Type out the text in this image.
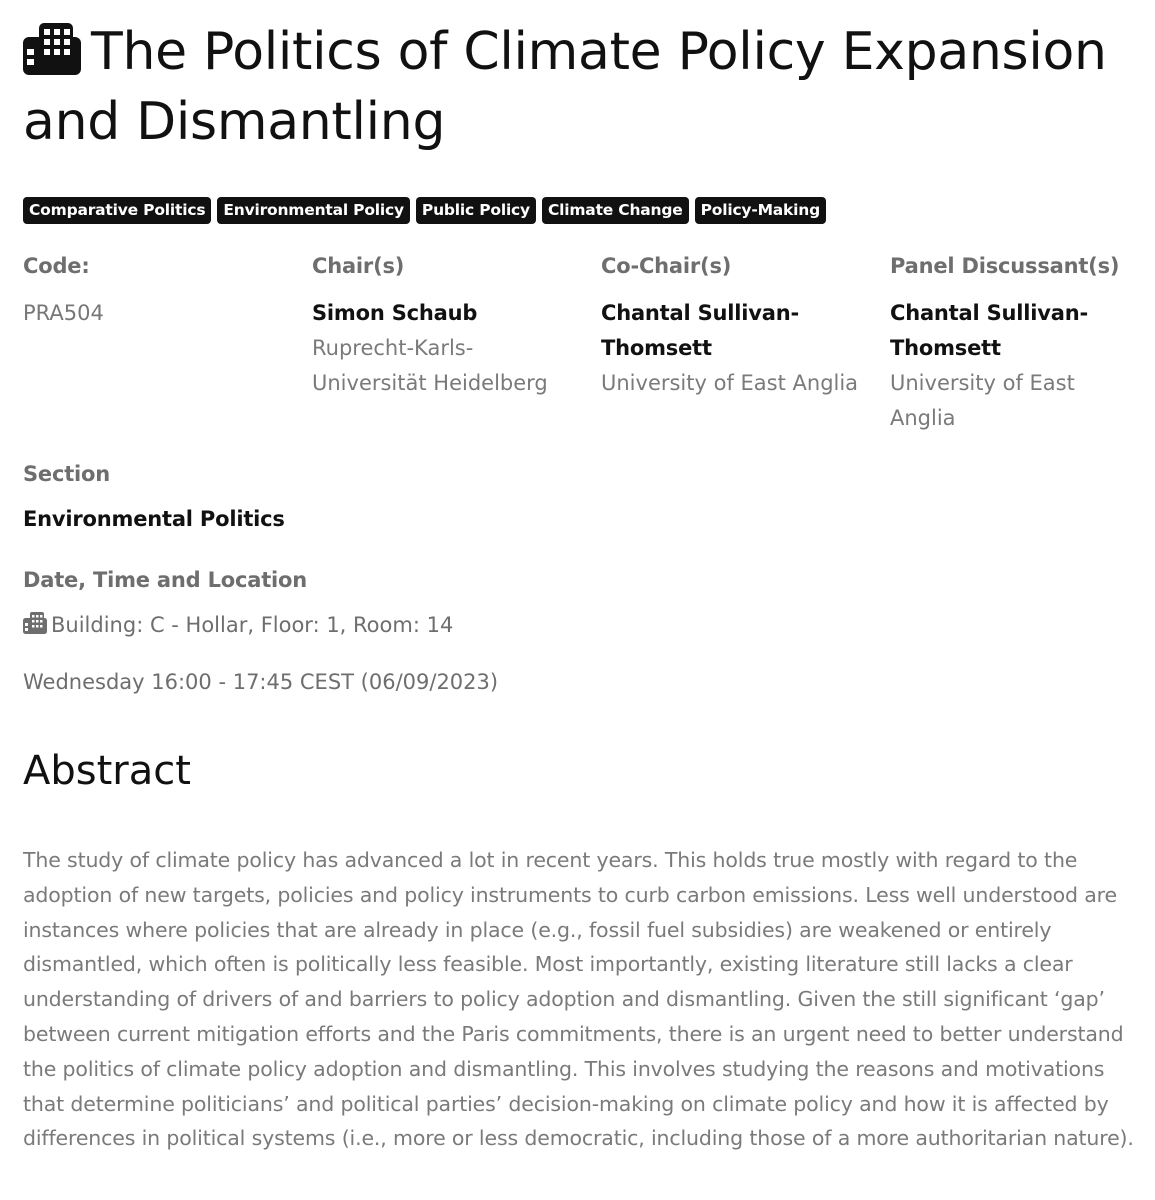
The Politics of Climate Policy Expansion and Dismantling
Comparative Politics	Environmental Policy	Public Policy	Climate Change	Policy-Making
Code:
PRA504
Chair(s)
Simon Schaub
Ruprecht-Karls-Universität Heidelberg
Co-Chair(s)
Chantal Sullivan-Thomsett
University of East Anglia
Panel Discussant(s)
Chantal Sullivan-Thomsett
University of East Anglia
Section
Environmental Politics
Date, Time and Location
Building: C - Hollar, Floor: 1, Room: 14
Wednesday 16:00 - 17:45 CEST (06/09/2023)
Abstract

The study of climate policy has advanced a lot in recent years. This holds true mostly with regard to the adoption of new targets, policies and policy instruments to curb carbon emissions. Less well understood are instances where policies that are already in place (e.g., fossil fuel subsidies) are weakened or entirely dismantled, which often is politically less feasible. Most importantly, existing literature still lacks a clear understanding of drivers of and barriers to policy adoption and dismantling. Given the still significant ‘gap’ between current mitigation efforts and the Paris commitments, there is an urgent need to better understand the politics of climate policy adoption and dismantling. This involves studying the reasons and motivations that determine politicians’ and political parties’ decision-making on climate policy and how it is affected by differences in political systems (i.e., more or less democratic, including those of a more authoritarian nature).
